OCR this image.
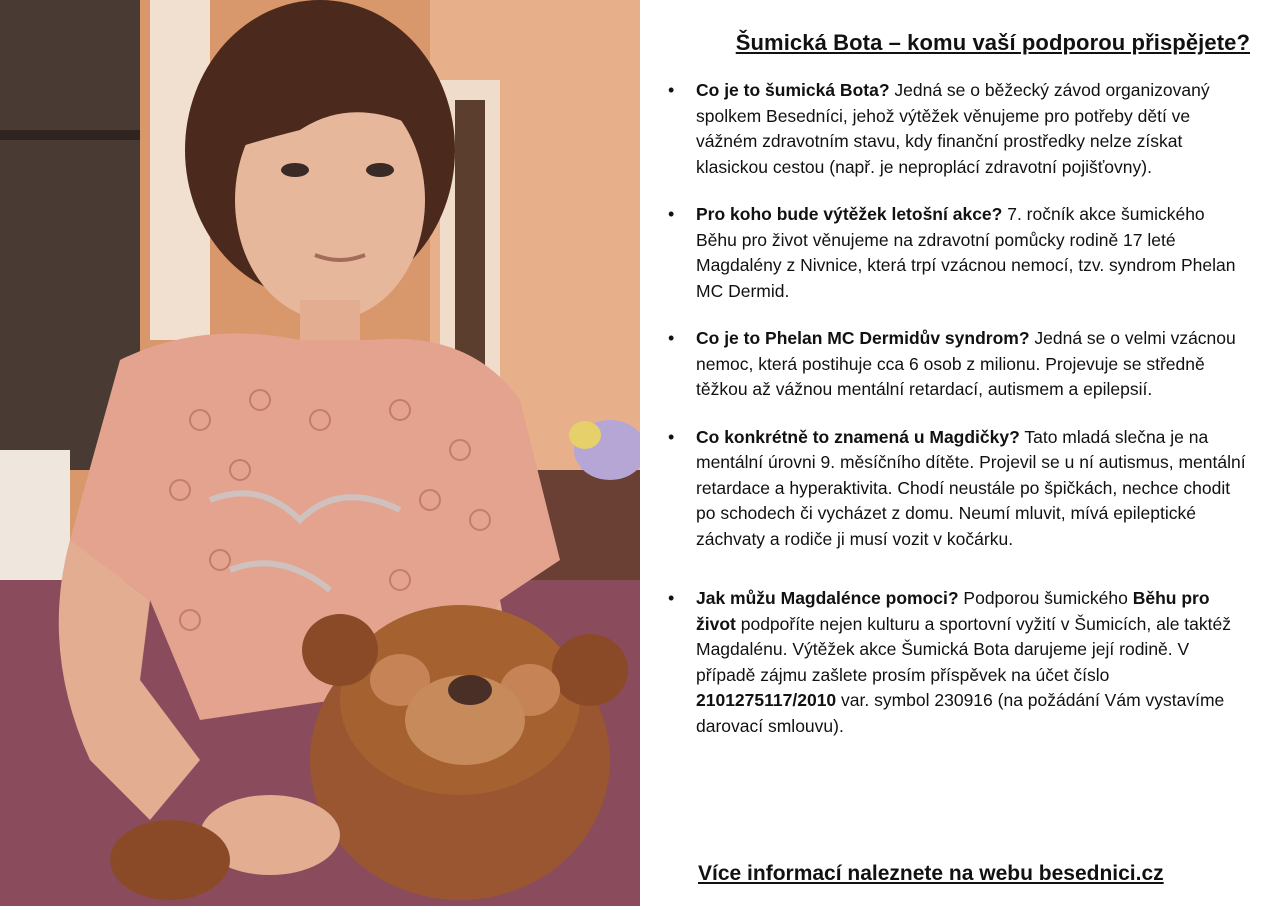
Šumická Bota – komu vaší podporou přispějete?
• Co je to šumická Bota? Jedná se o běžecký závod organizovaný spolkem Besedníci, jehož výtěžek věnujeme pro potřeby dětí ve vážném zdravotním stavu, kdy finanční prostředky nelze získat klasickou cestou (např. je neproplácí zdravotní pojišťovny).
• Pro koho bude výtěžek letošní akce? 7. ročník akce šumického Běhu pro život věnujeme na zdravotní pomůcky rodině 17 leté Magdalény z Nivnice, která trpí vzácnou nemocí, tzv. syndrom Phelan MC Dermid.
• Co je to Phelan MC Dermidův syndrom? Jedná se o velmi vzácnou nemoc, která postihuje cca 6 osob z milionu. Projevuje se středně těžkou až vážnou mentální retardací, autismem a epilepsií.
• Co konkrétně to znamená u Magdičky? Tato mladá slečna je na mentální úrovni 9. měsíčního dítěte. Projevil se u ní autismus, mentální retardace a hyperaktivita. Chodí neustále po špičkách, nechce chodit po schodech či vycházet z domu. Neumí mluvit, mívá epileptické záchvaty a rodiče ji musí vozit v kočárku.
• Jak můžu Magdalénce pomoci? Podporou šumického Běhu pro život podpoříte nejen kulturu a sportovní vyžití v Šumicích, ale taktéž Magdalénu. Výtěžek akce Šumická Bota darujeme její rodině. V případě zájmu zašlete prosím příspěvek na účet číslo 2101275117/2010 var. symbol 230916 (na požádání Vám vystavíme darovací smlouvu).
Více informací naleznete na webu besednici.cz
